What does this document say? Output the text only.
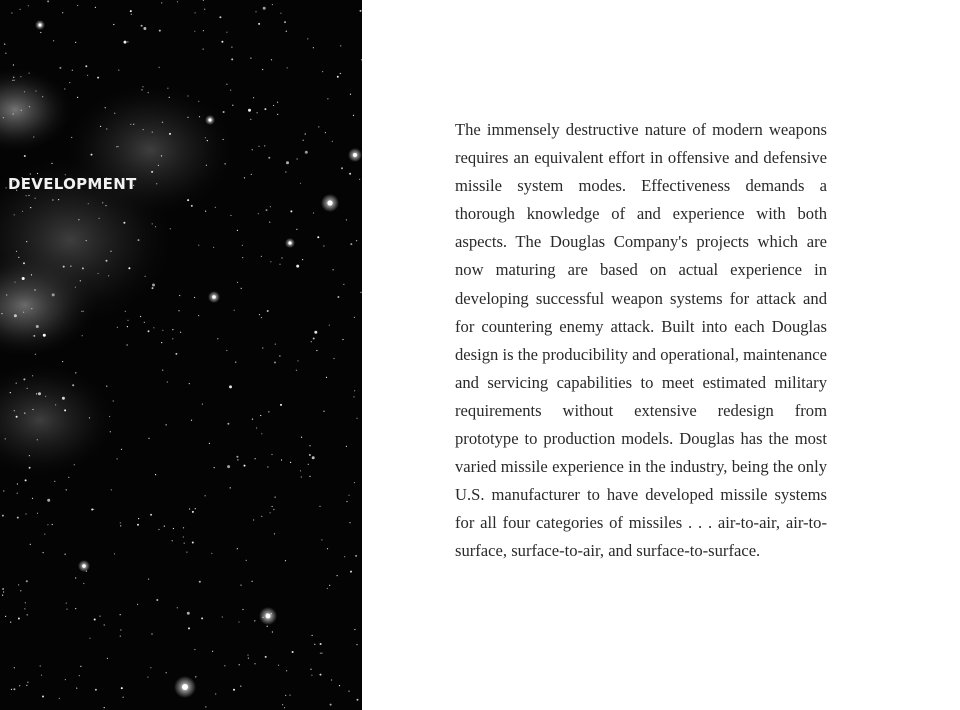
DEVELOPMENT

The immensely destructive nature of modern weapons requires an equivalent effort in offensive and defensive missile system modes. Effectiveness demands a thorough knowledge of and experience with both aspects. The Douglas Company's projects which are now maturing are based on actual experience in developing successful weapon systems for attack and for countering enemy attack. Built into each Douglas design is the producibility and operational, maintenance and servicing capabilities to meet estimated military requirements without extensive redesign from prototype to production models. Douglas has the most varied missile experience in the industry, being the only U.S. manufacturer to have developed missile systems for all four categories of missiles . . . air-to-air, air-to-surface, surface-to-air, and surface-to-surface.
